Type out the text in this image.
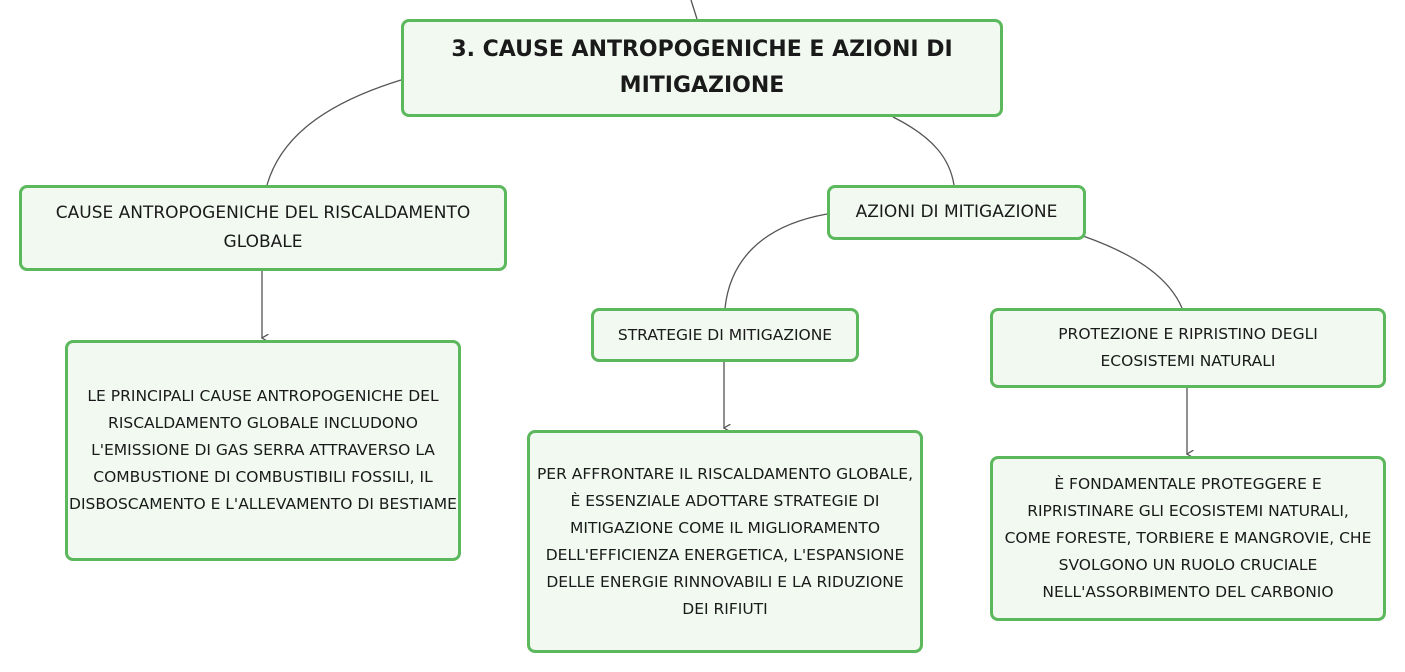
3. CAUSE ANTROPOGENICHE E AZIONI DI MITIGAZIONE
CAUSE ANTROPOGENICHE DEL RISCALDAMENTO GLOBALE
AZIONI DI MITIGAZIONE
STRATEGIE DI MITIGAZIONE	PROTEZIONE E RIPRISTINO DEGLI ECOSISTEMI NATURALI
LE PRINCIPALI CAUSE ANTROPOGENICHE DEL RISCALDAMENTO GLOBALE INCLUDONO L'EMISSIONE DI GAS SERRA ATTRAVERSO LA COMBUSTIONE DI COMBUSTIBILI FOSSILI, IL DISBOSCAMENTO E L'ALLEVAMENTO DI BESTIAME
PER AFFRONTARE IL RISCALDAMENTO GLOBALE, È ESSENZIALE ADOTTARE STRATEGIE DI MITIGAZIONE COME IL MIGLIORAMENTO DELL'EFFICIENZA ENERGETICA, L'ESPANSIONE DELLE ENERGIE RINNOVABILI E LA RIDUZIONE DEI RIFIUTI
È FONDAMENTALE PROTEGGERE E RIPRISTINARE GLI ECOSISTEMI NATURALI, COME FORESTE, TORBIERE E MANGROVIE, CHE SVOLGONO UN RUOLO CRUCIALE NELL'ASSORBIMENTO DEL CARBONIO
